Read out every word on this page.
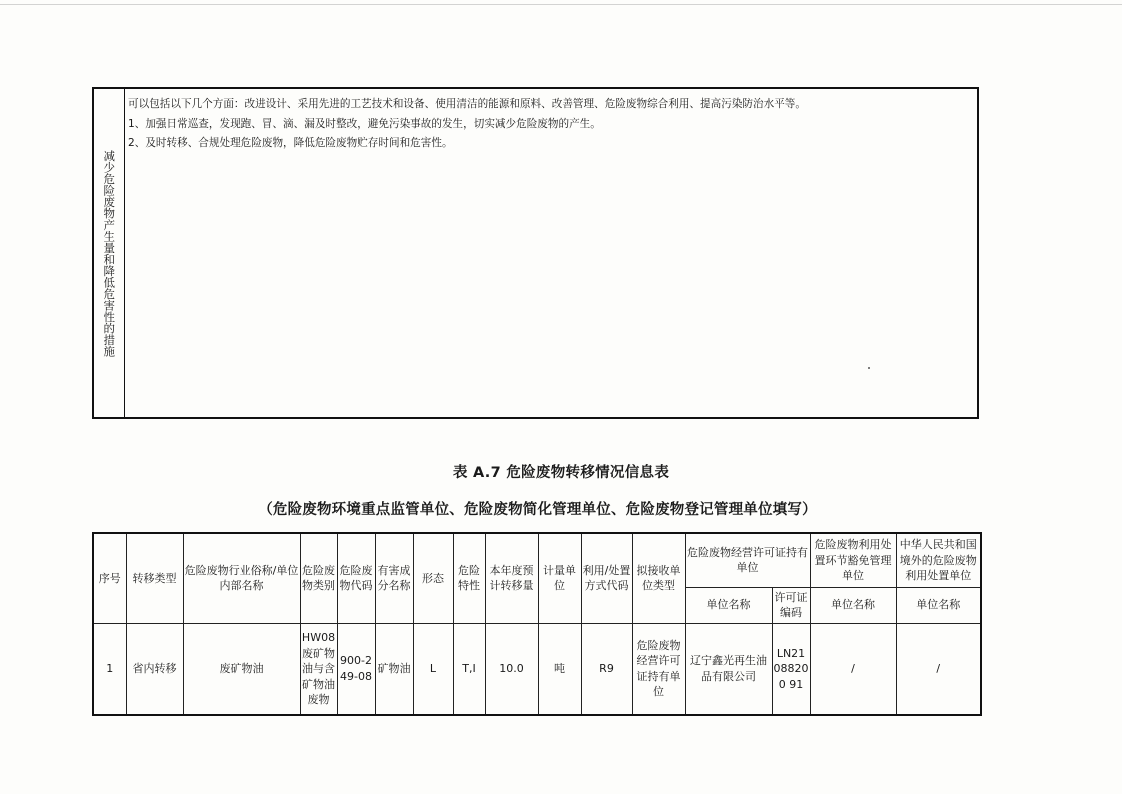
减少危险废物产生量和降低危害性的措施

可以包括以下几个方面：改进设计、采用先进的工艺技术和设备、使用清洁的能源和原料、改善管理、危险废物综合利用、提高污染防治水平等。

1、加强日常巡查，发现跑、冒、滴、漏及时整改，避免污染事故的发生，切实减少危险废物的产生。

2、及时转移、合规处理危险废物，降低危险废物贮存时间和危害性。

表 A.7 危险废物转移情况信息表
（危险废物环境重点监管单位、危险废物简化管理单位、危险废物登记管理单位填写）
序号	转移类型	危险废物行业俗称/单位内部名称	危险废物类别	危险废物代码	有害成分名称	形态	危险特性	本年度预计转移量	计量单位	利用/处置方式代码	拟接收单位类型	危险废物经营许可证持有单位		危险废物利用处置环节豁免管理单位	中华人民共和国境外的危险废物利用处置单位
												单位名称	许可证编码	单位名称	单位名称
1	省内转移	废矿物油	HW08废矿物油与含矿物油废物	900-249-08	矿物油	L	T,I	10.0	吨	R9	危险废物经营许可证持有单位	辽宁鑫光再生油品有限公司	LN21088200 91	/	/
